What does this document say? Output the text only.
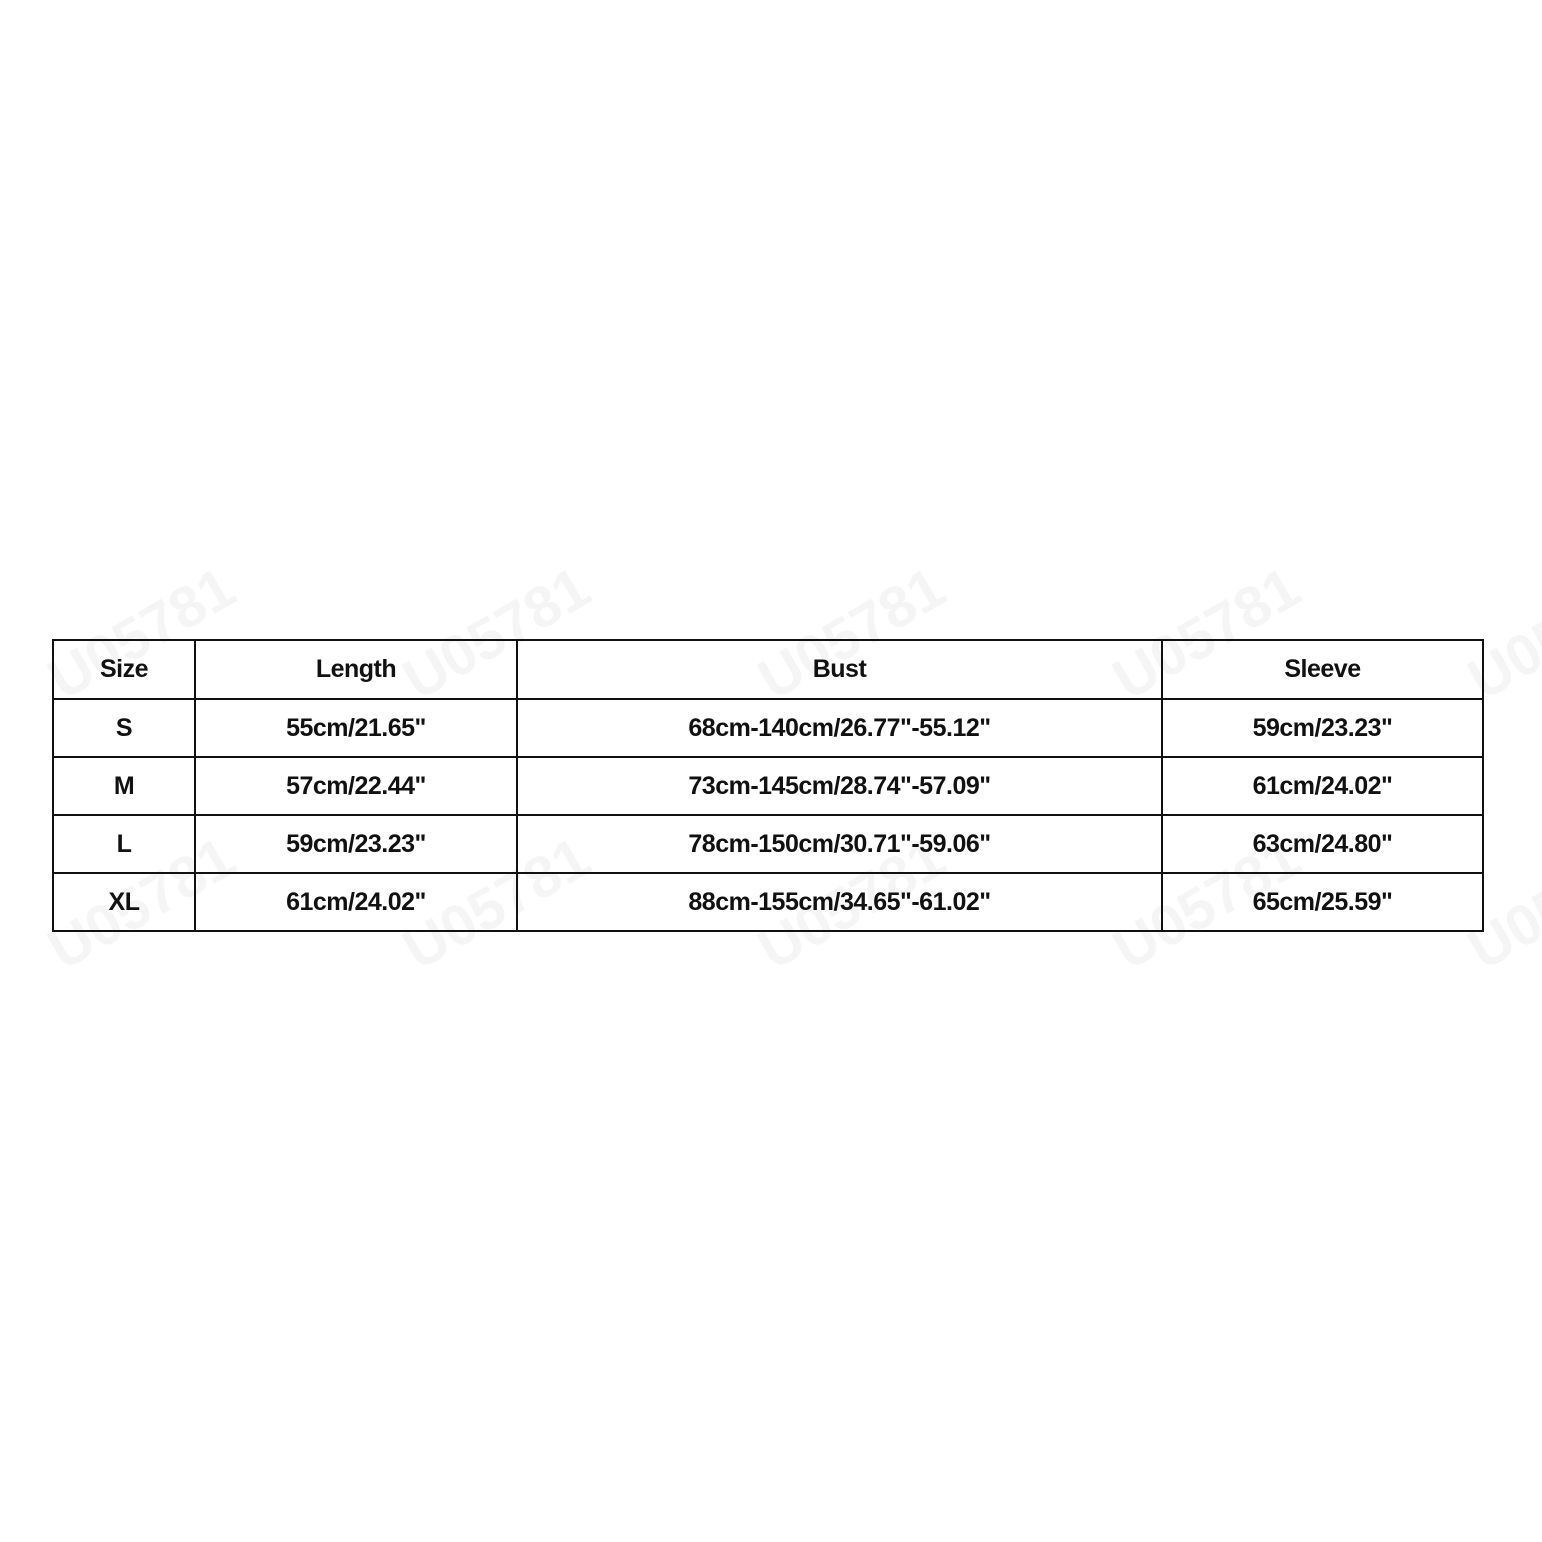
Size	Length	Bust	Sleeve
S	55cm/21.65"	68cm-140cm/26.77"-55.12"	59cm/23.23"
M	57cm/22.44"	73cm-145cm/28.74"-57.09"	61cm/24.02"
L	59cm/23.23"	78cm-150cm/30.71"-59.06"	63cm/24.80"
XL	61cm/24.02"	88cm-155cm/34.65"-61.02"	65cm/25.59"
